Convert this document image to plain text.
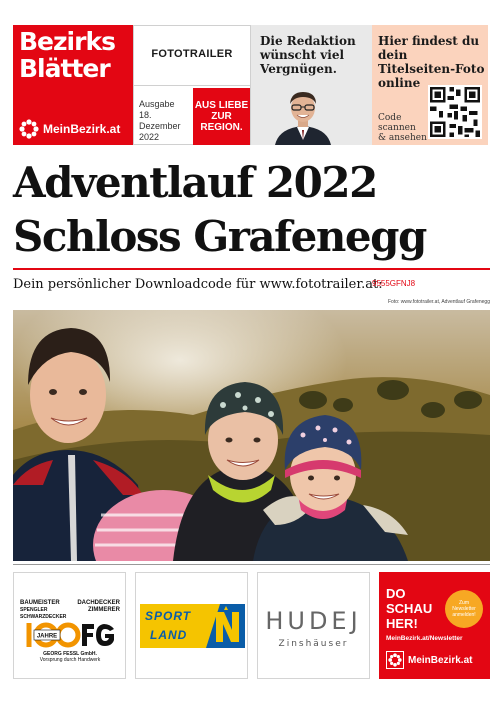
Bezirks
Blätter
MeinBezirk.at
FOTOTRAILER
Ausgabe
18. Dezember
2022
AUS LIEBE
ZUR
REGION.
Die Redaktion wünscht viel Vergnügen.
Hier findest du dein Titelseiten-Foto online
Code
scannen
& ansehen
Adventlauf 2022
Schloss Grafenegg
Dein persönlicher Downloadcode für www.fototrailer.at:
9555GFNJ8
Foto: www.fototrailer.at, Adventlauf Grafenegg
BAUMEISTER	DACHDECKER
SPENGLER	ZIMMERER
SCHWARZDECKER
JAHRE
GEORG FESSL GmbH.
Vorsprung durch Handwerk
SPORT
LAND	HUDEJ
Zinshäuser
DO
SCHAU
HER!
Zum
Newsletter
anmelden!
MeinBezirk.at/Newsletter
MeinBezirk.at
